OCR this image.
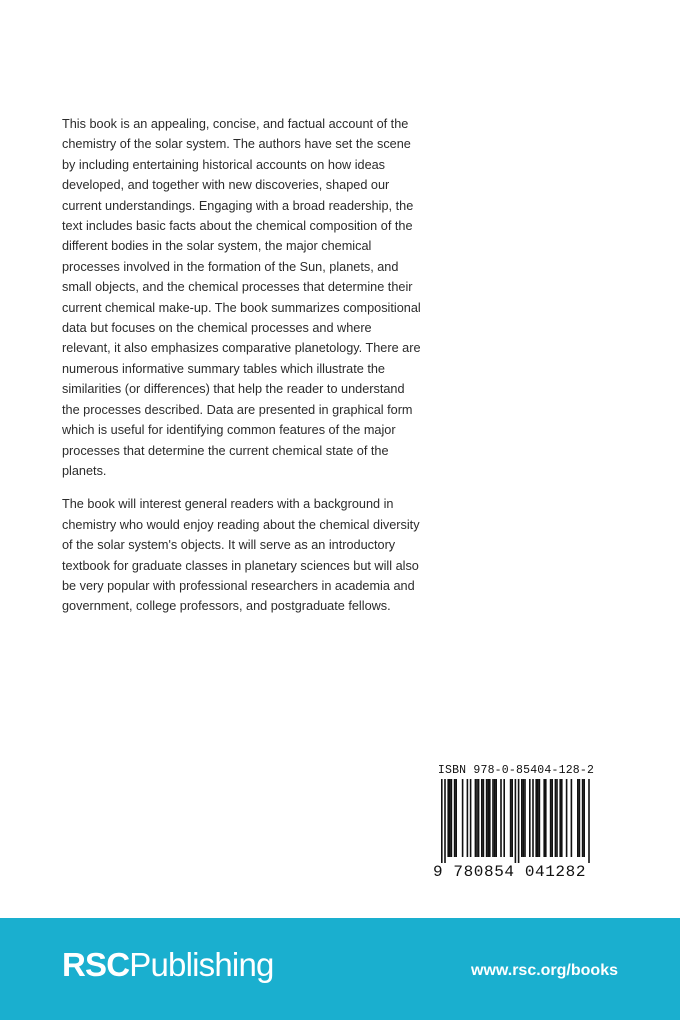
This book is an appealing, concise, and factual account of the chemistry of the solar system. The authors have set the scene by including entertaining historical accounts on how ideas developed, and together with new discoveries, shaped our current understandings. Engaging with a broad readership, the text includes basic facts about the chemical composition of the different bodies in the solar system, the major chemical processes involved in the formation of the Sun, planets, and small objects, and the chemical processes that determine their current chemical make-up. The book summarizes compositional data but focuses on the chemical processes and where relevant, it also emphasizes comparative planetology. There are numerous informative summary tables which illustrate the similarities (or differences) that help the reader to understand the processes described. Data are presented in graphical form which is useful for identifying common features of the major processes that determine the current chemical state of the planets.

The book will interest general readers with a background in chemistry who would enjoy reading about the chemical diversity of the solar system's objects. It will serve as an introductory textbook for graduate classes in planetary sciences but will also be very popular with professional researchers in academia and government, college professors, and postgraduate fellows.

ISBN 978-0-85404-128-2
9 780854 041282
RSCPublishing	www.rsc.org/books
